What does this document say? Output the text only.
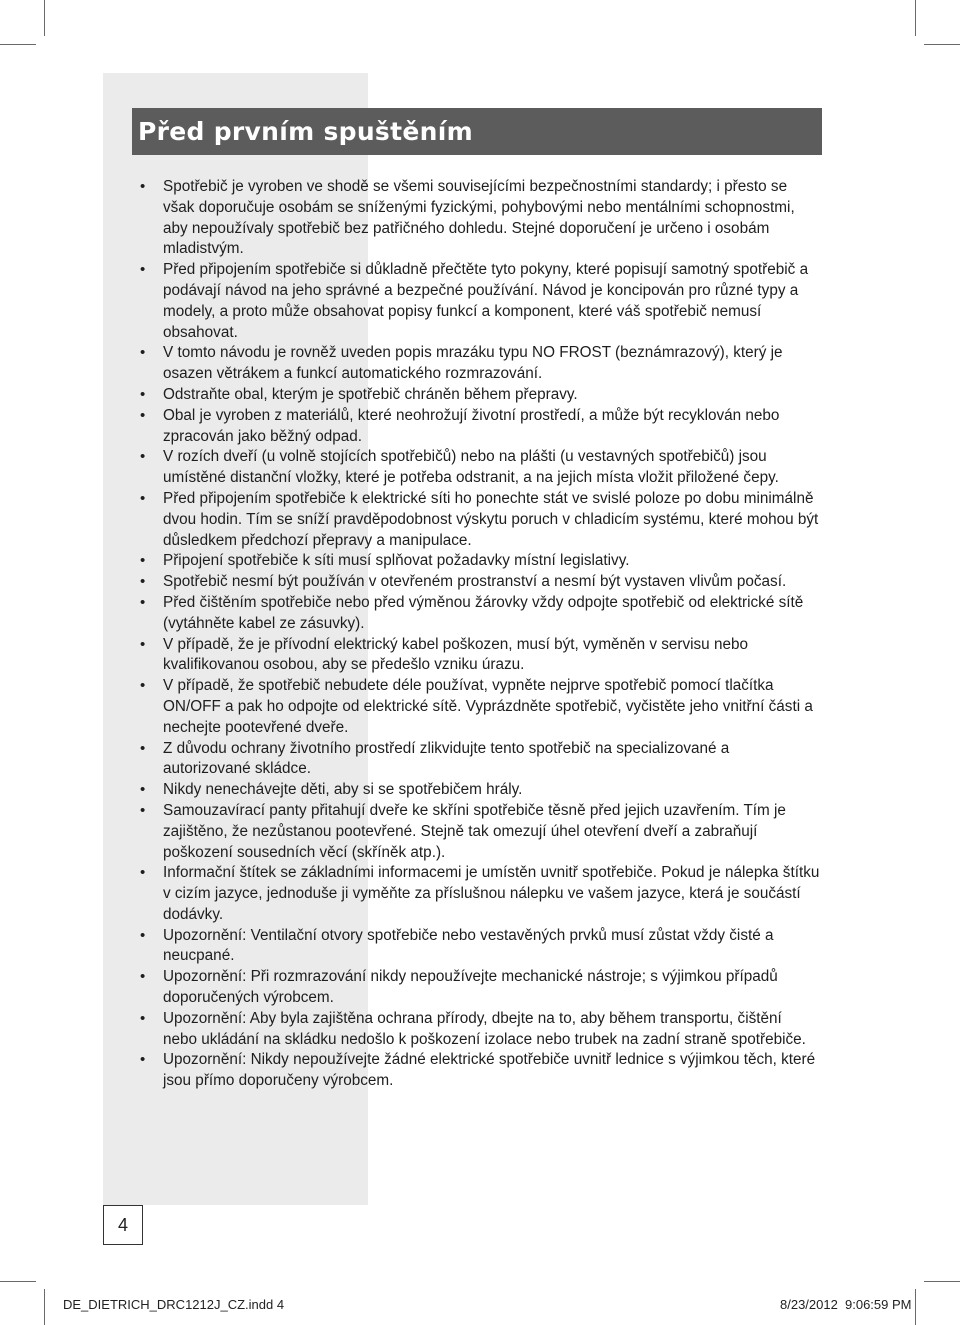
Před prvním spuštěním
• Spotřebič je vyroben ve shodě se všemi souvisejícími bezpečnostními standardy; i přesto se však doporučuje osobám se sníženými fyzickými, pohybovými nebo mentálními schopnostmi, aby nepoužívaly spotřebič bez patřičného dohledu. Stejné doporučení je určeno i osobám mladistvým.
• Před připojením spotřebiče si důkladně přečtěte tyto pokyny, které popisují samotný spotřebič a podávají návod na jeho správné a bezpečné používání. Návod je koncipován pro různé typy a modely, a proto může obsahovat popisy funkcí a komponent, které váš spotřebič nemusí obsahovat.
• V tomto návodu je rovněž uveden popis mrazáku typu NO FROST (beznámrazový), který je osazen větrákem a funkcí automatického rozmrazování.
• Odstraňte obal, kterým je spotřebič chráněn během přepravy.
• Obal je vyroben z materiálů, které neohrožují životní prostředí, a může být recyklován nebo zpracován jako běžný odpad.
• V rozích dveří (u volně stojících spotřebičů) nebo na plášti (u vestavných spotřebičů) jsou umístěné distanční vložky, které je potřeba odstranit, a na jejich místa vložit přiložené čepy.
• Před připojením spotřebiče k elektrické síti ho ponechte stát ve svislé poloze po dobu minimálně dvou hodin. Tím se sníží pravděpodobnost výskytu poruch v chladicím systému, které mohou být důsledkem předchozí přepravy a manipulace.
• Připojení spotřebiče k síti musí splňovat požadavky místní legislativy.
• Spotřebič nesmí být používán v otevřeném prostranství a nesmí být vystaven vlivům počasí.
• Před čištěním spotřebiče nebo před výměnou žárovky vždy odpojte spotřebič od elektrické sítě (vytáhněte kabel ze zásuvky).
• V případě, že je přívodní elektrický kabel poškozen, musí být, vyměněn v servisu nebo kvalifikovanou osobou, aby se předešlo vzniku úrazu.
• V případě, že spotřebič nebudete déle používat, vypněte nejprve spotřebič pomocí tlačítka ON/OFF a pak ho odpojte od elektrické sítě. Vyprázdněte spotřebič, vyčistěte jeho vnitřní části a nechejte pootevřené dveře.
• Z důvodu ochrany životního prostředí zlikvidujte tento spotřebič na specializované a autorizované skládce.
• Nikdy nenechávejte děti, aby si se spotřebičem hrály.
• Samouzavírací panty přitahují dveře ke skříni spotřebiče těsně před jejich uzavřením. Tím je zajištěno, že nezůstanou pootevřené. Stejně tak omezují úhel otevření dveří a zabraňují poškození sousedních věcí (skříněk atp.).
• Informační štítek se základními informacemi je umístěn uvnitř spotřebiče. Pokud je nálepka štítku v cizím jazyce, jednoduše ji vyměňte za příslušnou nálepku ve vašem jazyce, která je součástí dodávky.
• Upozornění: Ventilační otvory spotřebiče nebo vestavěných prvků musí zůstat vždy čisté a neucpané.
• Upozornění: Při rozmrazování nikdy nepoužívejte mechanické nástroje; s výjimkou případů doporučených výrobcem.
• Upozornění: Aby byla zajištěna ochrana přírody, dbejte na to, aby během transportu, čištění nebo ukládání na skládku nedošlo k poškození izolace nebo trubek na zadní straně spotřebiče.
• Upozornění: Nikdy nepoužívejte žádné elektrické spotřebiče uvnitř lednice s výjimkou těch, které jsou přímo doporučeny výrobcem.
4
DE_DIETRICH_DRC1212J_CZ.indd 4	8/23/2012 9:06:59 PM
